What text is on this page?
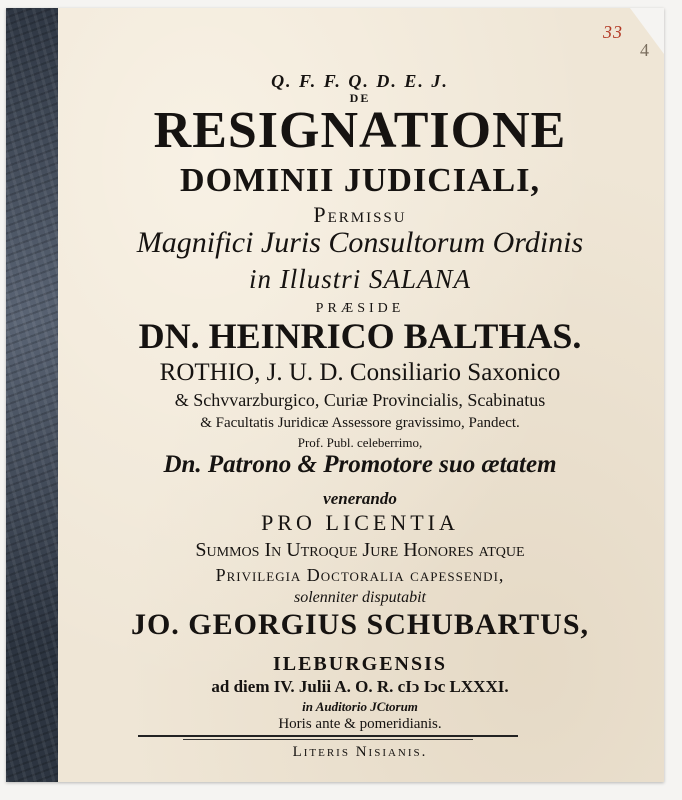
33
4
Q. F. F. Q. D. E. J.
DE
RESIGNATIONE
DOMINII JUDICIALI,
Permissu
Magnifici Juris Consultorum Ordinis
in Illustri SALANA
PRÆSIDE
DN. HEINRICO BALTHAS.
ROTHIO, J. U. D. Consiliario Saxonico
& Schvvarzburgico, Curiæ Provincialis, Scabinatus
& Facultatis Juridicæ Assessore gravissimo, Pandect.
Prof. Publ. celeberrimo,
Dn. Patrono & Promotore suo ætatem
venerando
PRO LICENTIA
Summos In Utroque Jure Honores atque
Privilegia Doctoralia capessendi,
solenniter disputabit
JO. GEORGIUS SCHUBARTUS,
ILEBURGENSIS
ad diem IV. Julii A. O. R. cIↄ Iↄc LXXXI.
in Auditorio JCtorum
Horis ante & pomeridianis.
Literis Nisianis.
